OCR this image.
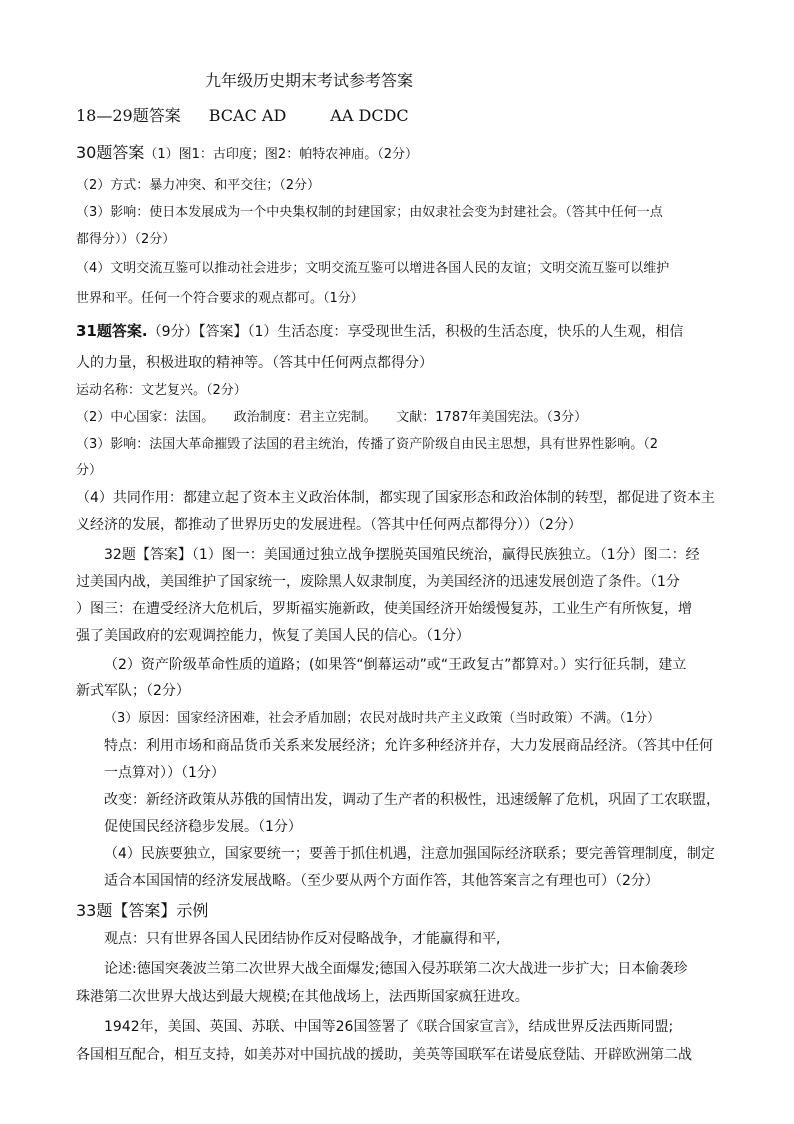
九年级历史期末考试参考答案
18—29题答案 BCAC AD	AA DCDC
30题答案（1）图1：古印度；图2：帕特农神庙。（2分）
（2）方式：暴力冲突、和平交往；（2分）
（3）影响：使日本发展成为一个中央集权制的封建国家；由奴隶社会变为封建社会。（答其中任何一点
都得分））（2分）
（4）文明交流互鉴可以推动社会进步；文明交流互鉴可以增进各国人民的友谊；文明交流互鉴可以维护
世界和平。任何一个符合要求的观点都可。（1分）
31题答案.（9分）【答案】（1）生活态度：享受现世生活，积极的生活态度，快乐的人生观，相信
人的力量，积极进取的精神等。（答其中任何两点都得分）
运动名称：文艺复兴。（2分）
（2）中心国家：法国。　　政治制度：君主立宪制。　　文献：1787年美国宪法。（3分）
（3）影响：法国大革命摧毁了法国的君主统治，传播了资产阶级自由民主思想，具有世界性影响。（2
分）
（4）共同作用：都建立起了资本主义政治体制，都实现了国家形态和政治体制的转型，都促进了资本主
义经济的发展，都推动了世界历史的发展进程。（答其中任何两点都得分））（2分）
32题【答案】（1）图一：美国通过独立战争摆脱英国殖民统治，赢得民族独立。（1分）图二：经
过美国内战，美国维护了国家统一，废除黑人奴隶制度，为美国经济的迅速发展创造了条件。（1分
）图三：在遭受经济大危机后，罗斯福实施新政，使美国经济开始缓慢复苏，工业生产有所恢复，增
强了美国政府的宏观调控能力，恢复了美国人民的信心。（1分）
（2）资产阶级革命性质的道路；(如果答“倒幕运动”或“王政复古”都算对。）实行征兵制，建立
新式军队；（2分）
（3）原因：国家经济困难，社会矛盾加剧；农民对战时共产主义政策（当时政策）不满。（1分）
特点：利用市场和商品货币关系来发展经济；允许多种经济并存，大力发展商品经济。（答其中任何
一点算对））（1分）
改变：新经济政策从苏俄的国情出发，调动了生产者的积极性，迅速缓解了危机，巩固了工农联盟，
促使国民经济稳步发展。（1分）
（4）民族要独立，国家要统一；要善于抓住机遇，注意加强国际经济联系；要完善管理制度，制定
适合本国国情的经济发展战略。（至少要从两个方面作答，其他答案言之有理也可）（2分）
33题【答案】示例
观点：只有世界各国人民团结协作反对侵略战争，才能赢得和平,
论述:德国突袭波兰第二次世界大战全面爆发;德国入侵苏联第二次大战进一步扩大；日本偷袭珍
珠港第二次世界大战达到最大规模;在其他战场上，法西斯国家疯狂进攻。
1942年，美国、英国、苏联、中国等26国签署了《联合国家宣言》，结成世界反法西斯同盟;
各国相互配合，相互支持，如美苏对中国抗战的援助，美英等国联军在诺曼底登陆、开辟欧洲第二战
